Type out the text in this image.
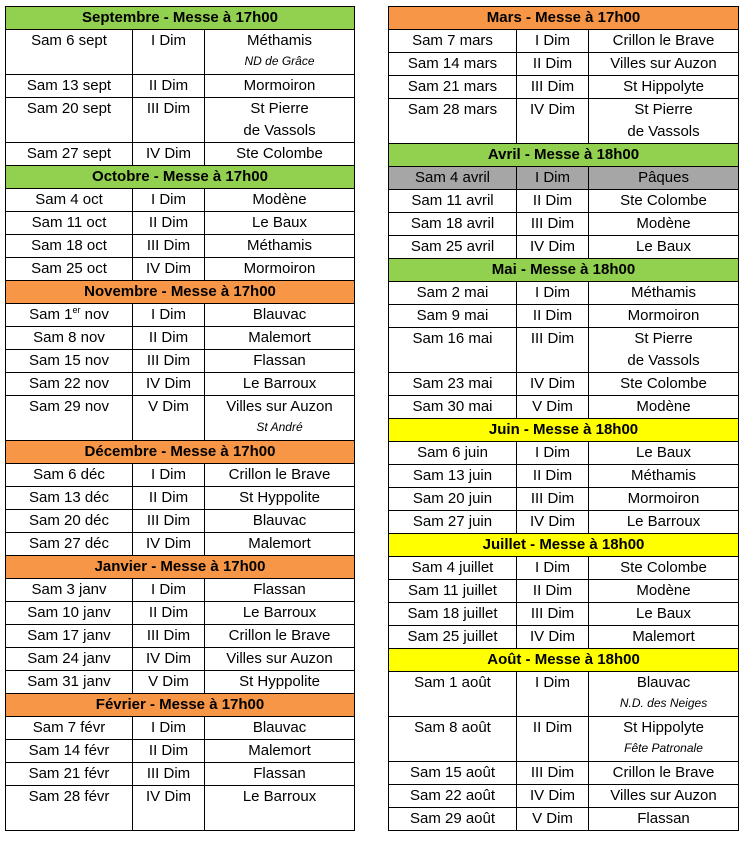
Septembre - Messe à 17h00		
Sam 6 sept	I Dim	Méthamis
ND de Grâce

Sam 13 sept	II Dim	Mormoiron

Sam 20 sept	III Dim	St Pierre
de Vassols

Sam 27 sept	IV Dim	Ste Colombe

Octobre - Messe à 17h00		
Sam 4 oct	I Dim	Modène

Sam 11 oct	II Dim	Le Baux

Sam 18 oct	III Dim	Méthamis

Sam 25 oct	IV Dim	Mormoiron

Novembre - Messe à 17h00		
Sam 1er nov	I Dim	Blauvac

Sam 8 nov	II Dim	Malemort

Sam 15 nov	III Dim	Flassan

Sam 22 nov	IV Dim	Le Barroux

Sam 29 nov	V Dim	Villes sur Auzon
St André

Décembre - Messe à 17h00		
Sam 6 déc	I Dim	Crillon le Brave

Sam 13 déc	II Dim	St Hyppolite

Sam 20 déc	III Dim	Blauvac

Sam 27 déc	IV Dim	Malemort

Janvier - Messe à 17h00		
Sam 3 janv	I Dim	Flassan

Sam 10 janv	II Dim	Le Barroux

Sam 17 janv	III Dim	Crillon le Brave

Sam 24 janv	IV Dim	Villes sur Auzon

Sam 31 janv	V Dim	St Hyppolite

Février - Messe à 17h00		
Sam 7 févr	I Dim	Blauvac

Sam 14 févr	II Dim	Malemort

Sam 21 févr	III Dim	Flassan

Sam 28 févr	IV Dim	Le Barroux
Mars - Messe à 17h00		
Sam 7 mars	I Dim	Crillon le Brave

Sam 14 mars	II Dim	Villes sur Auzon

Sam 21 mars	III Dim	St Hippolyte

Sam 28 mars	IV Dim	St Pierre
de Vassols

Avril - Messe à 18h00		
Sam 4 avril	I Dim	Pâques

Sam 11 avril	II Dim	Ste Colombe

Sam 18 avril	III Dim	Modène

Sam 25 avril	IV Dim	Le Baux

Mai - Messe à 18h00		
Sam 2 mai	I Dim	Méthamis

Sam 9 mai	II Dim	Mormoiron

Sam 16 mai	III Dim	St Pierre
de Vassols

Sam 23 mai	IV Dim	Ste Colombe

Sam 30 mai	V Dim	Modène

Juin - Messe à 18h00		
Sam 6 juin	I Dim	Le Baux

Sam 13 juin	II Dim	Méthamis

Sam 20 juin	III Dim	Mormoiron

Sam 27 juin	IV Dim	Le Barroux

Juillet - Messe à 18h00		
Sam 4 juillet	I Dim	Ste Colombe

Sam 11 juillet	II Dim	Modène

Sam 18 juillet	III Dim	Le Baux

Sam 25 juillet	IV Dim	Malemort

Août - Messe à 18h00		
Sam 1 août	I Dim	Blauvac
N.D. des Neiges

Sam 8 août	II Dim	St Hippolyte
Fête Patronale

Sam 15 août	III Dim	Crillon le Brave

Sam 22 août	IV Dim	Villes sur Auzon

Sam 29 août	V Dim	Flassan
